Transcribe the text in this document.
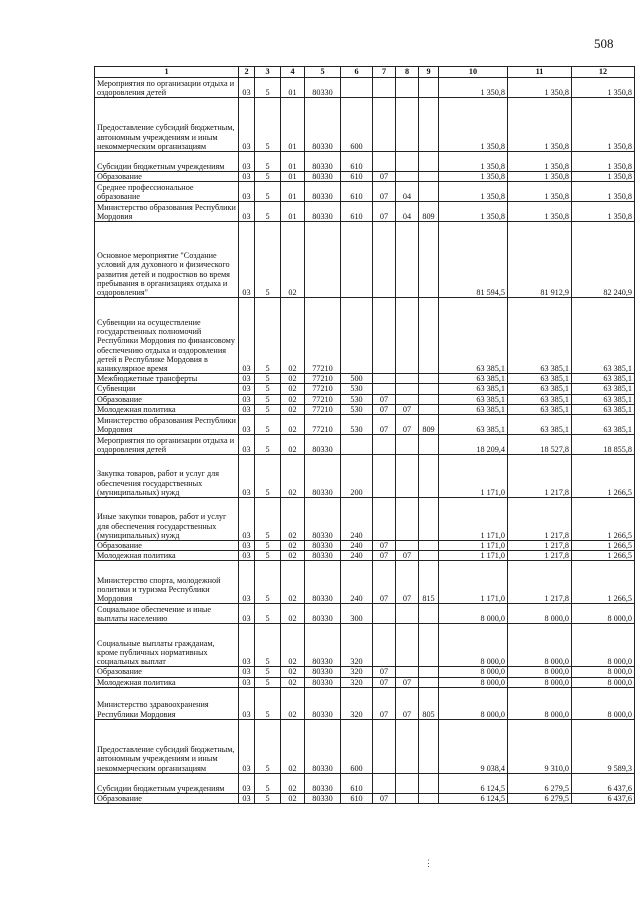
508
1	2	3	4	5	6	7	8	9	10	11	12
Мероприятия по организации отдыха и оздоровления детей	03	5	01	80330					1 350,8	1 350,8	1 350,8
Предоставление субсидий бюджетным, автономным учреждениям и иным некоммерческим организациям	03	5	01	80330	600				1 350,8	1 350,8	1 350,8
Субсидии бюджетным учреждениям	03	5	01	80330	610				1 350,8	1 350,8	1 350,8
Образование	03	5	01	80330	610	07			1 350,8	1 350,8	1 350,8
Среднее профессиональное образование	03	5	01	80330	610	07	04		1 350,8	1 350,8	1 350,8
Министерство образования Республики Мордовия	03	5	01	80330	610	07	04	809	1 350,8	1 350,8	1 350,8
Основное мероприятие "Создание условий для духовного и физического развития детей и подростков во время пребывания в организациях отдыха и оздоровления"	03	5	02						81 594,5	81 912,9	82 240,9
Субвенции на осуществление государственных полномочий Республики Мордовия по финансовому обеспечению отдыха и оздоровления детей в Республике Мордовия в каникулярное время	03	5	02	77210					63 385,1	63 385,1	63 385,1
Межбюджетные трансферты	03	5	02	77210	500				63 385,1	63 385,1	63 385,1
Субвенции	03	5	02	77210	530				63 385,1	63 385,1	63 385,1
Образование	03	5	02	77210	530	07			63 385,1	63 385,1	63 385,1
Молодежная политика	03	5	02	77210	530	07	07		63 385,1	63 385,1	63 385,1
Министерство образования Республики Мордовия	03	5	02	77210	530	07	07	809	63 385,1	63 385,1	63 385,1
Мероприятия по организации отдыха и оздоровления детей	03	5	02	80330					18 209,4	18 527,8	18 855,8
Закупка товаров, работ и услуг для обеспечения государственных (муниципальных) нужд	03	5	02	80330	200				1 171,0	1 217,8	1 266,5
Иные закупки товаров, работ и услуг для обеспечения государственных (муниципальных) нужд	03	5	02	80330	240				1 171,0	1 217,8	1 266,5
Образование	03	5	02	80330	240	07			1 171,0	1 217,8	1 266,5
Молодежная политика	03	5	02	80330	240	07	07		1 171,0	1 217,8	1 266,5
Министерство спорта, молодежной политики и туризма Республики Мордовия	03	5	02	80330	240	07	07	815	1 171,0	1 217,8	1 266,5
Социальное обеспечение и иные выплаты населению	03	5	02	80330	300				8 000,0	8 000,0	8 000,0
Социальные выплаты гражданам, кроме публичных нормативных социальных выплат	03	5	02	80330	320				8 000,0	8 000,0	8 000,0
Образование	03	5	02	80330	320	07			8 000,0	8 000,0	8 000,0
Молодежная политика	03	5	02	80330	320	07	07		8 000,0	8 000,0	8 000,0
Министерство здравоохранения Республики Мордовия	03	5	02	80330	320	07	07	805	8 000,0	8 000,0	8 000,0
Предоставление субсидий бюджетным, автономным учреждениям и иным некоммерческим организациям	03	5	02	80330	600				9 038,4	9 310,0	9 589,3
Субсидии бюджетным учреждениям	03	5	02	80330	610				6 124,5	6 279,5	6 437,6
Образование	03	5	02	80330	610	07			6 124,5	6 279,5	6 437,6
⋮
